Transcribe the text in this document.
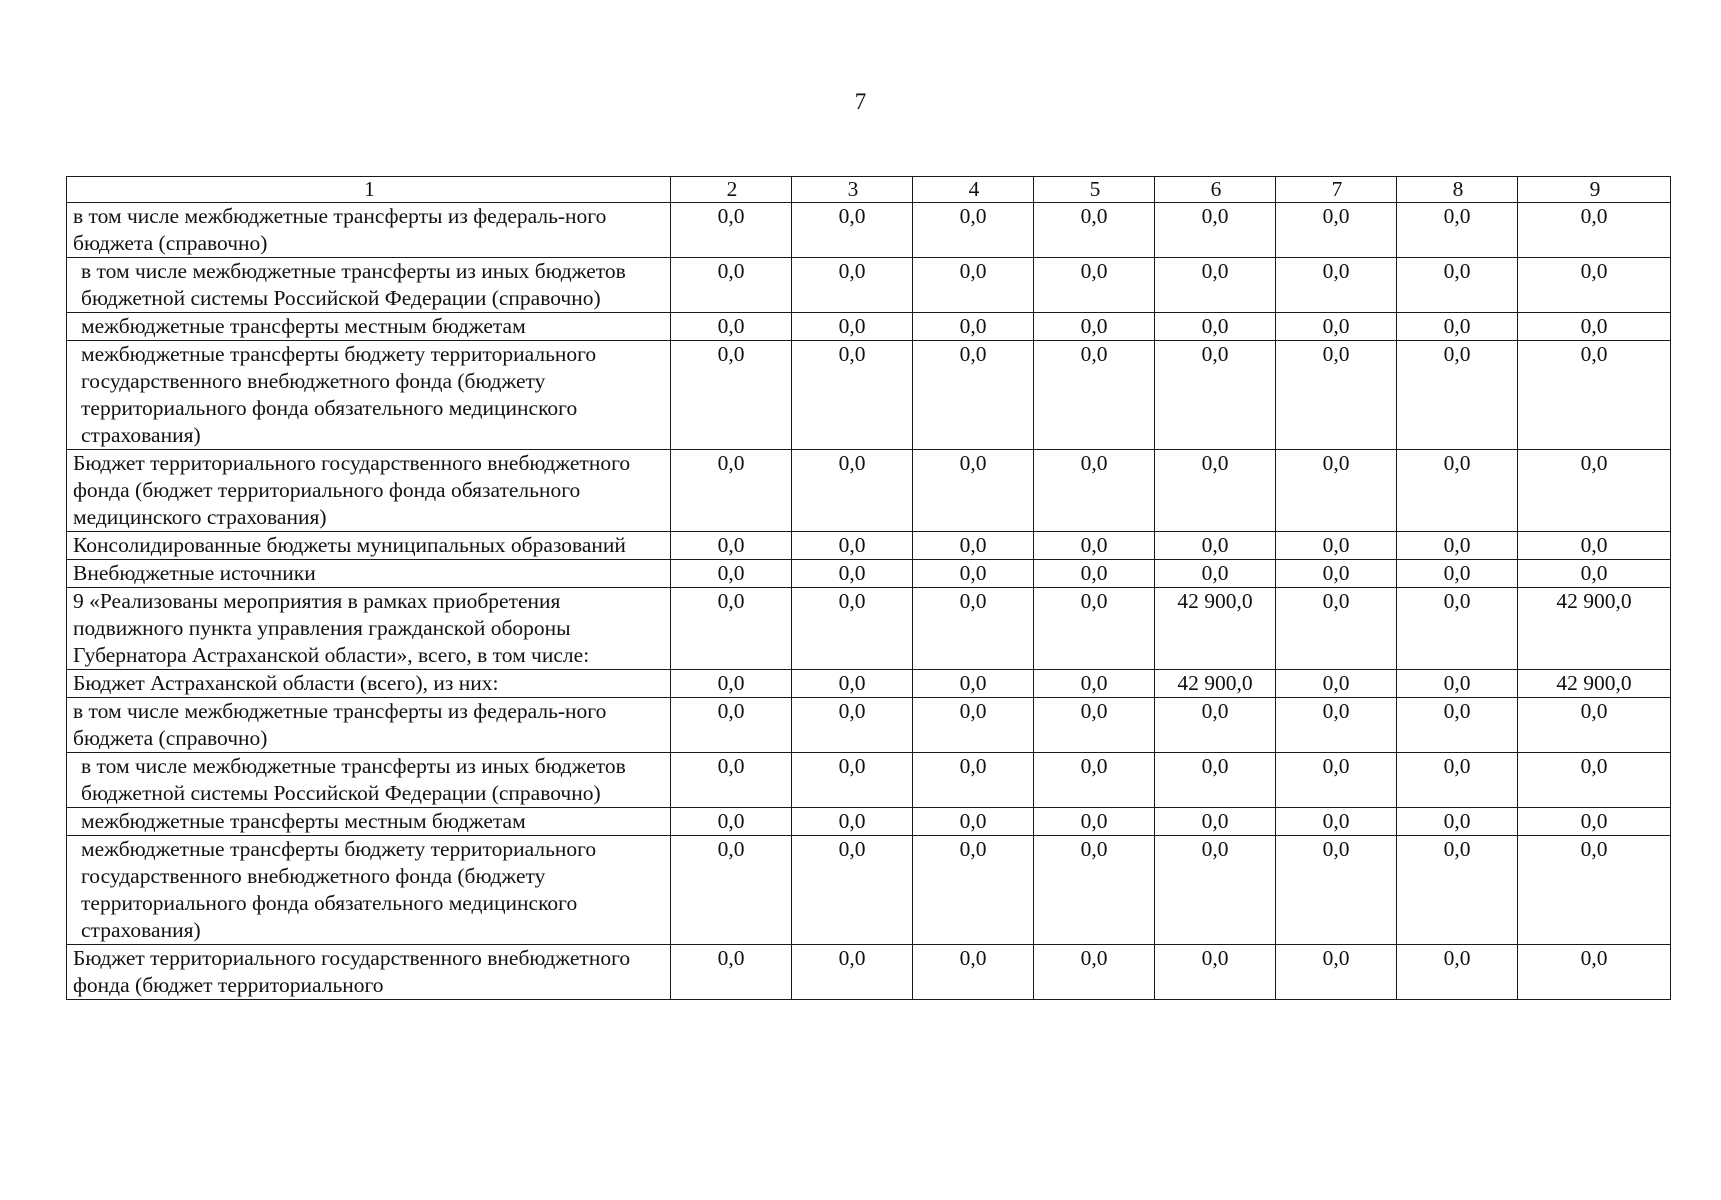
7
1	2	3	4	5	6	7	8	9
в том числе межбюджетные трансферты из федераль-ного бюджета (справочно)	0,0	0,0	0,0	0,0	0,0	0,0	0,0	0,0
в том числе межбюджетные трансферты из иных бюджетов бюджетной системы Российской Федерации (справочно)	0,0	0,0	0,0	0,0	0,0	0,0	0,0	0,0
межбюджетные трансферты местным бюджетам	0,0	0,0	0,0	0,0	0,0	0,0	0,0	0,0
межбюджетные трансферты бюджету территориального государственного внебюджетного фонда (бюджету территориального фонда обязательного медицинского страхования)	0,0	0,0	0,0	0,0	0,0	0,0	0,0	0,0
Бюджет территориального государственного внебюджетного фонда (бюджет территориального фонда обязательного медицинского страхования)	0,0	0,0	0,0	0,0	0,0	0,0	0,0	0,0
Консолидированные бюджеты муниципальных образований	0,0	0,0	0,0	0,0	0,0	0,0	0,0	0,0
Внебюджетные источники	0,0	0,0	0,0	0,0	0,0	0,0	0,0	0,0
9 «Реализованы мероприятия в рамках приобретения подвижного пункта управления гражданской обороны Губернатора Астраханской области», всего, в том числе:	0,0	0,0	0,0	0,0	42 900,0	0,0	0,0	42 900,0
Бюджет Астраханской области (всего), из них:	0,0	0,0	0,0	0,0	42 900,0	0,0	0,0	42 900,0
в том числе межбюджетные трансферты из федераль-ного бюджета (справочно)	0,0	0,0	0,0	0,0	0,0	0,0	0,0	0,0
в том числе межбюджетные трансферты из иных бюджетов бюджетной системы Российской Федерации (справочно)	0,0	0,0	0,0	0,0	0,0	0,0	0,0	0,0
межбюджетные трансферты местным бюджетам	0,0	0,0	0,0	0,0	0,0	0,0	0,0	0,0
межбюджетные трансферты бюджету территориального государственного внебюджетного фонда (бюджету территориального фонда обязательного медицинского страхования)	0,0	0,0	0,0	0,0	0,0	0,0	0,0	0,0
Бюджет территориального государственного внебюджетного фонда (бюджет территориального	0,0	0,0	0,0	0,0	0,0	0,0	0,0	0,0
